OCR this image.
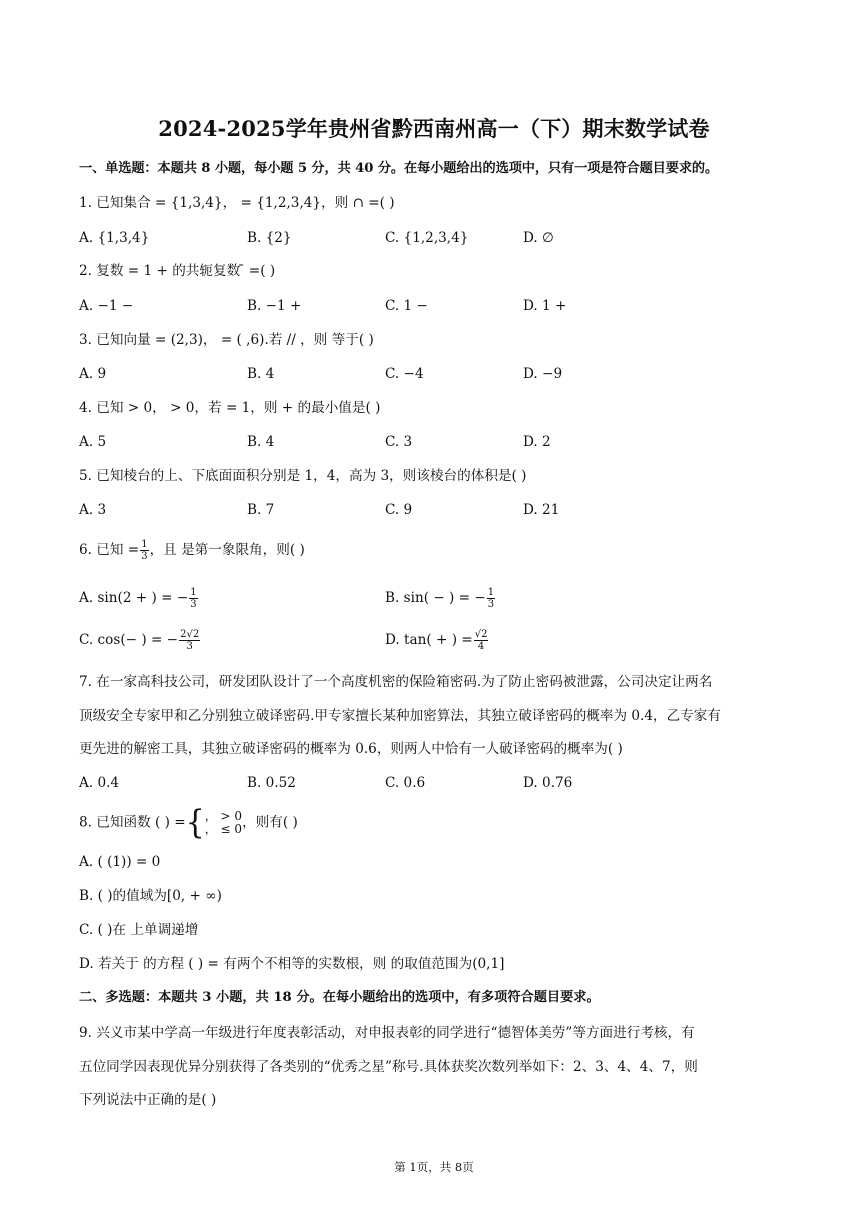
2024-2025学年贵州省黔西南州高一（下）期末数学试卷
一、单选题：本题共 8 小题，每小题 5 分，共 40 分。在每小题给出的选项中，只有一项是符合题目要求的。
1. 已知集合 = {1,3,4}， = {1,2,3,4}，则 ∩ =( )
A. {1,3,4}	B. {2}	C. {1,2,3,4}	D. ∅
2. 复数 = 1 + 的共轭复数 ̄ =( )
A. −1 −	B. −1 +	C. 1 −	D. 1 +
3. 已知向量 = (2,3)， = ( ,6).若 // ，则 等于( )
A. 9	B. 4	C. −4	D. −9
4. 已知 > 0， > 0，若 = 1，则 + 的最小值是( )
A. 5	B. 4	C. 3	D. 2
5. 已知棱台的上、下底面面积分别是 1，4，高为 3，则该棱台的体积是( )
A. 3	B. 7	C. 9	D. 21
6. 已知 = $\frac{1}{3}$ ，且 是第一象限角，则( )
A. sin(2 + ) = − $\frac{1}{3}$	B. sin( − ) = − $\frac{1}{3}$
C. cos(− ) = − $\frac{2√2}{3}$	D. tan( + ) = $\frac{√2}{4}$
7. 在一家高科技公司，研发团队设计了一个高度机密的保险箱密码.为了防止密码被泄露，公司决定让两名
顶级安全专家甲和乙分别独立破译密码.甲专家擅长某种加密算法，其独立破译密码的概率为 0.4，乙专家有
更先进的解密工具，其独立破译密码的概率为 0.6，则两人中恰有一人破译密码的概率为( )
A. 0.4	B. 0.52	C. 0.6	D. 0.76
8. 已知函数 ( ) ={ ， > 0
， ≤ 0 ，则有( )
A. ( (1)) = 0
B. ( )的值域为[0, + ∞)
C. ( )在 上单调递增
D. 若关于 的方程 ( ) = 有两个不相等的实数根，则 的取值范围为(0,1]
二、多选题：本题共 3 小题，共 18 分。在每小题给出的选项中，有多项符合题目要求。
9. 兴义市某中学高一年级进行年度表彰活动，对申报表彰的同学进行“德智体美劳”等方面进行考核，有
五位同学因表现优异分别获得了各类别的“优秀之星”称号.具体获奖次数列举如下：2、3、4、4、7，则
下列说法中正确的是( )
第 1页，共 8页
